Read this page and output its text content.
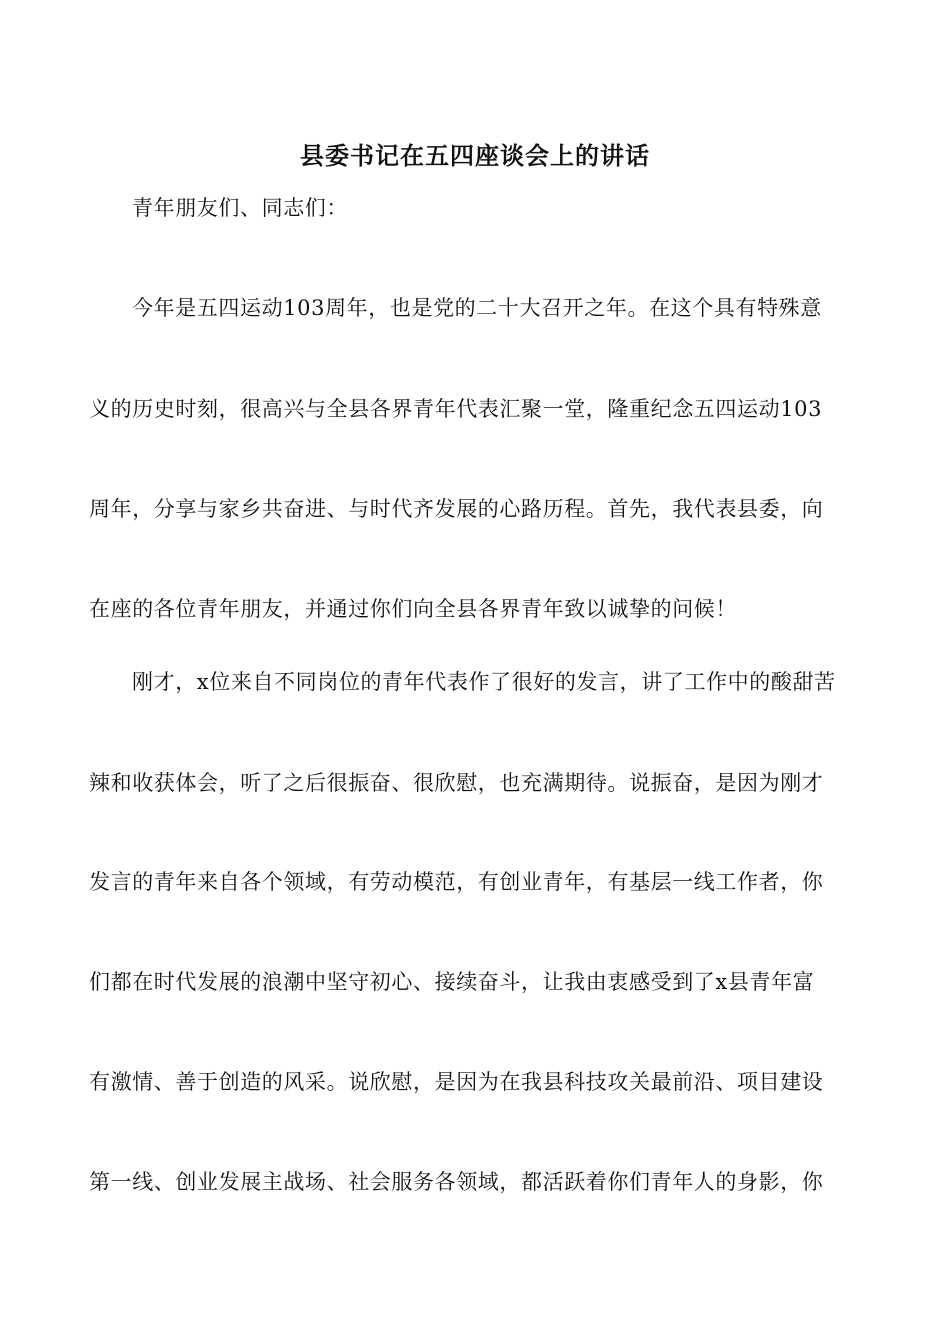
县委书记在五四座谈会上的讲话
青年朋友们、同志们：
今年是五四运动103周年，也是党的二十大召开之年。在这个具有特殊意
义的历史时刻，很高兴与全县各界青年代表汇聚一堂，隆重纪念五四运动103
周年，分享与家乡共奋进、与时代齐发展的心路历程。首先，我代表县委，向
在座的各位青年朋友，并通过你们向全县各界青年致以诚挚的问候！
刚才，x位来自不同岗位的青年代表作了很好的发言，讲了工作中的酸甜苦
辣和收获体会，听了之后很振奋、很欣慰，也充满期待。说振奋，是因为刚才
发言的青年来自各个领域，有劳动模范，有创业青年，有基层一线工作者，你
们都在时代发展的浪潮中坚守初心、接续奋斗，让我由衷感受到了x县青年富
有激情、善于创造的风采。说欣慰，是因为在我县科技攻关最前沿、项目建设
第一线、创业发展主战场、社会服务各领域，都活跃着你们青年人的身影，你
